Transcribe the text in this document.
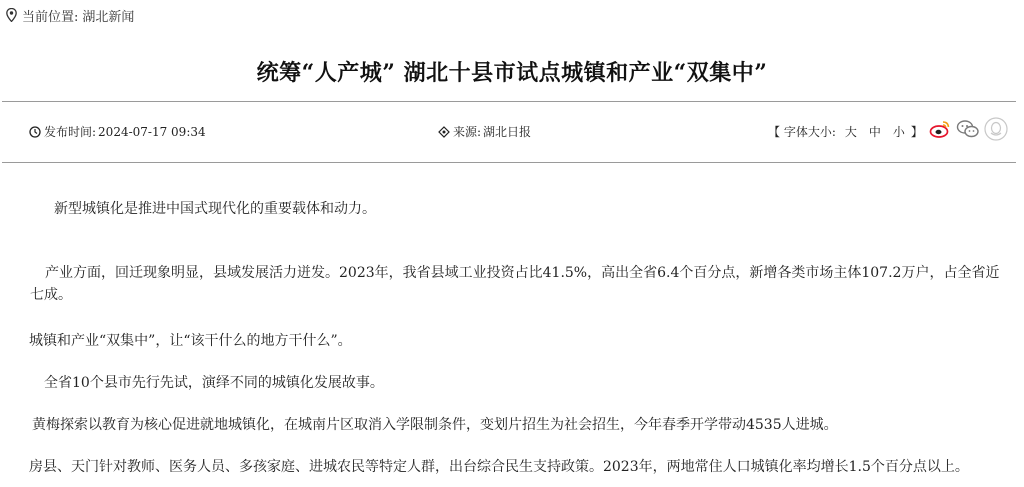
当前位置: 湖北新闻
统筹“人产城” 湖北十县市试点城镇和产业“双集中”
发布时间: 2024-07-17 09:34	来源: 湖北日报	【 字体大小: 大 中 小 】

新型城镇化是推进中国式现代化的重要载体和动力。

产业方面，回迁现象明显，县域发展活力迸发。2023年，我省县域工业投资占比41.5%，高出全省6.4个百分点，新增各类市场主体107.2万户，占全省近七成。

城镇和产业“双集中”，让“该干什么的地方干什么”。

全省10个县市先行先试，演绎不同的城镇化发展故事。

黄梅探索以教育为核心促进就地城镇化，在城南片区取消入学限制条件，变划片招生为社会招生，今年春季开学带动4535人进城。

房县、天门针对教师、医务人员、多孩家庭、进城农民等特定人群，出台综合民生支持政策。2023年，两地常住人口城镇化率均增长1.5个百分点以上。
